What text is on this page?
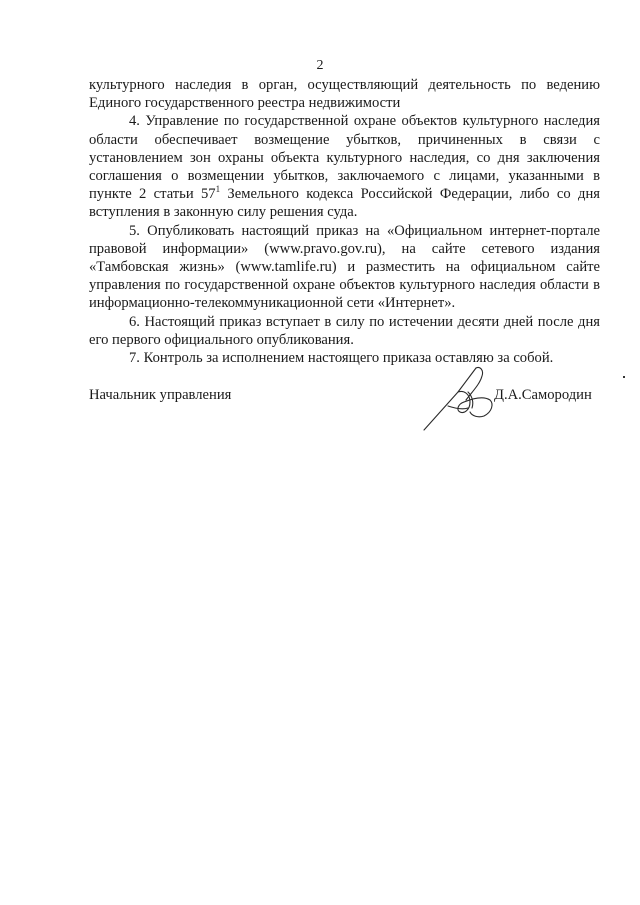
2

культурного наследия в орган, осуществляющий деятельность по ведению Единого государственного реестра недвижимости

4. Управление по государственной охране объектов культурного наследия области обеспечивает возмещение убытков, причиненных в связи с установлением зон охраны объекта культурного наследия, со дня заключения соглашения о возмещении убытков, заключаемого с лицами, указанными в пункте 2 статьи $57^1$ Земельного кодекса Российской Федерации, либо со дня вступления в законную силу решения суда.

5. Опубликовать настоящий приказ на «Официальном интернет-портале правовой информации» (www.pravo.gov.ru), на сайте сетевого издания «Тамбовская жизнь» (www.tamlife.ru) и разместить на официальном сайте управления по государственной охране объектов культурного наследия области в информационно-телекоммуникационной сети «Интернет».

6. Настоящий приказ вступает в силу по истечении десяти дней после дня его первого официального опубликования.

7. Контроль за исполнением настоящего приказа оставляю за собой.

Начальник управления	Д.А.Самородин
